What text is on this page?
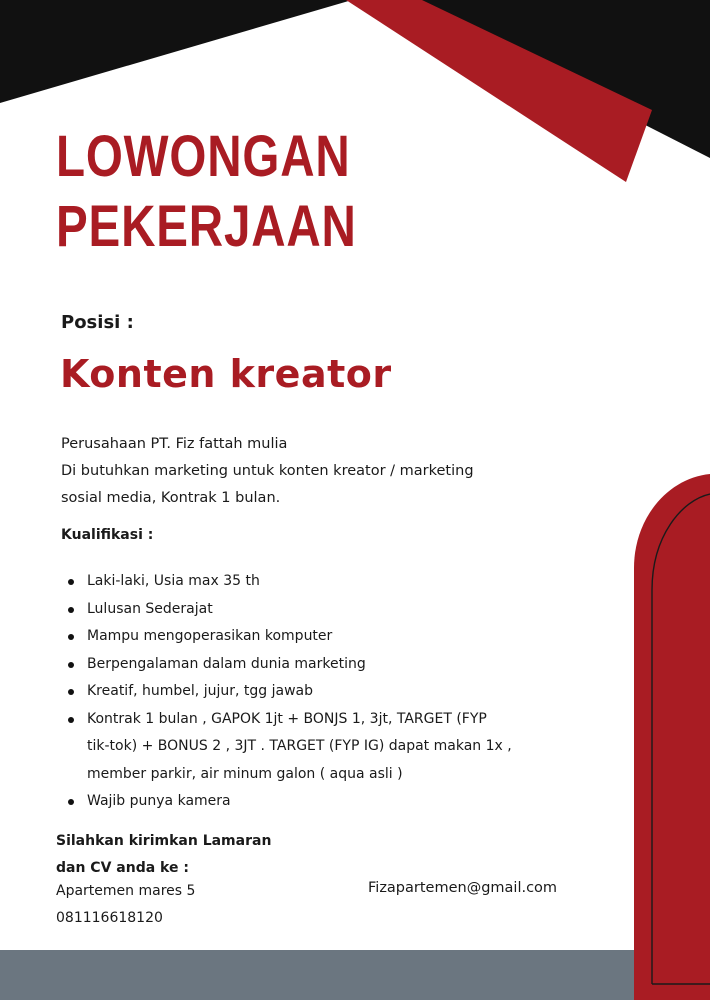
LOWONGAN
PEKERJAAN
Posisi :
Konten kreator
Perusahaan PT. Fiz fattah mulia
Di butuhkan marketing untuk konten kreator / marketing
sosial media, Kontrak 1 bulan.
Kualifikasi :
Laki-laki, Usia max 35 th
Lulusan Sederajat
Mampu mengoperasikan komputer
Berpengalaman dalam dunia marketing
Kreatif, humbel, jujur, tgg jawab
Kontrak 1 bulan , GAPOK 1jt + BONJS 1, 3jt, TARGET (FYP
tik-tok) + BONUS 2 , 3JT . TARGET (FYP IG) dapat makan 1x ,
member parkir, air minum galon ( aqua asli )
Wajib punya kamera
Silahkan kirimkan Lamaran
dan CV anda ke :
Apartemen mares 5
081116618120
Fizapartemen@gmail.com
